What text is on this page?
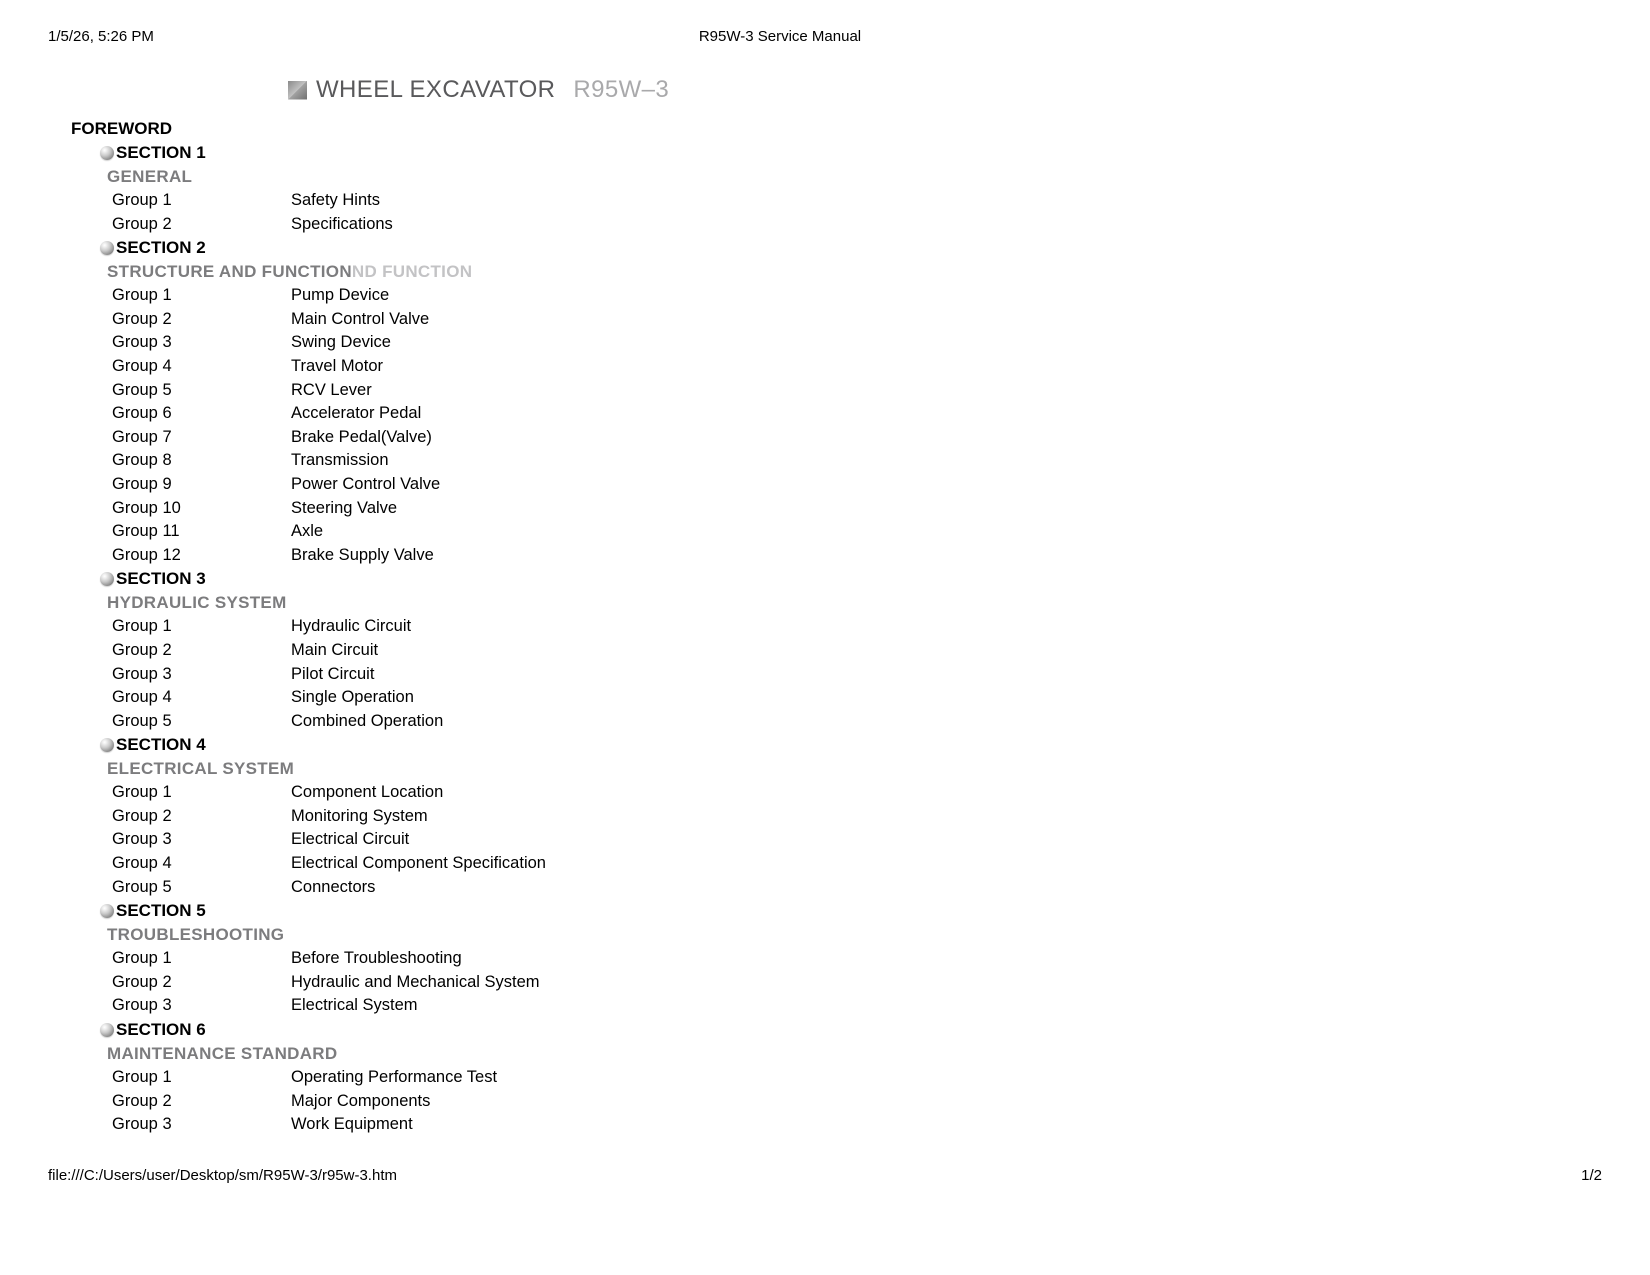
1/5/26, 5:26 PM	R95W-3 Service Manual
WHEEL EXCAVATOR R95W–3
FOREWORD
SECTION 1
GENERAL
Group 1	Safety Hints
Group 2	Specifications
SECTION 2
STRUCTURE AND FUNCTIONND FUNCTION
Group 1	Pump Device
Group 2	Main Control Valve
Group 3	Swing Device
Group 4	Travel Motor
Group 5	RCV Lever
Group 6	Accelerator Pedal
Group 7	Brake Pedal(Valve)
Group 8	Transmission
Group 9	Power Control Valve
Group 10	Steering Valve
Group 11	Axle
Group 12	Brake Supply Valve
SECTION 3
HYDRAULIC SYSTEM
Group 1	Hydraulic Circuit
Group 2	Main Circuit
Group 3	Pilot Circuit
Group 4	Single Operation
Group 5	Combined Operation
SECTION 4
ELECTRICAL SYSTEM
Group 1	Component Location
Group 2	Monitoring System
Group 3	Electrical Circuit
Group 4	Electrical Component Specification
Group 5	Connectors
SECTION 5
TROUBLESHOOTING
Group 1	Before Troubleshooting
Group 2	Hydraulic and Mechanical System
Group 3	Electrical System
SECTION 6
MAINTENANCE STANDARD
Group 1	Operating Performance Test
Group 2	Major Components
Group 3	Work Equipment
file:///C:/Users/user/Desktop/sm/R95W-3/r95w-3.htm	1/2
